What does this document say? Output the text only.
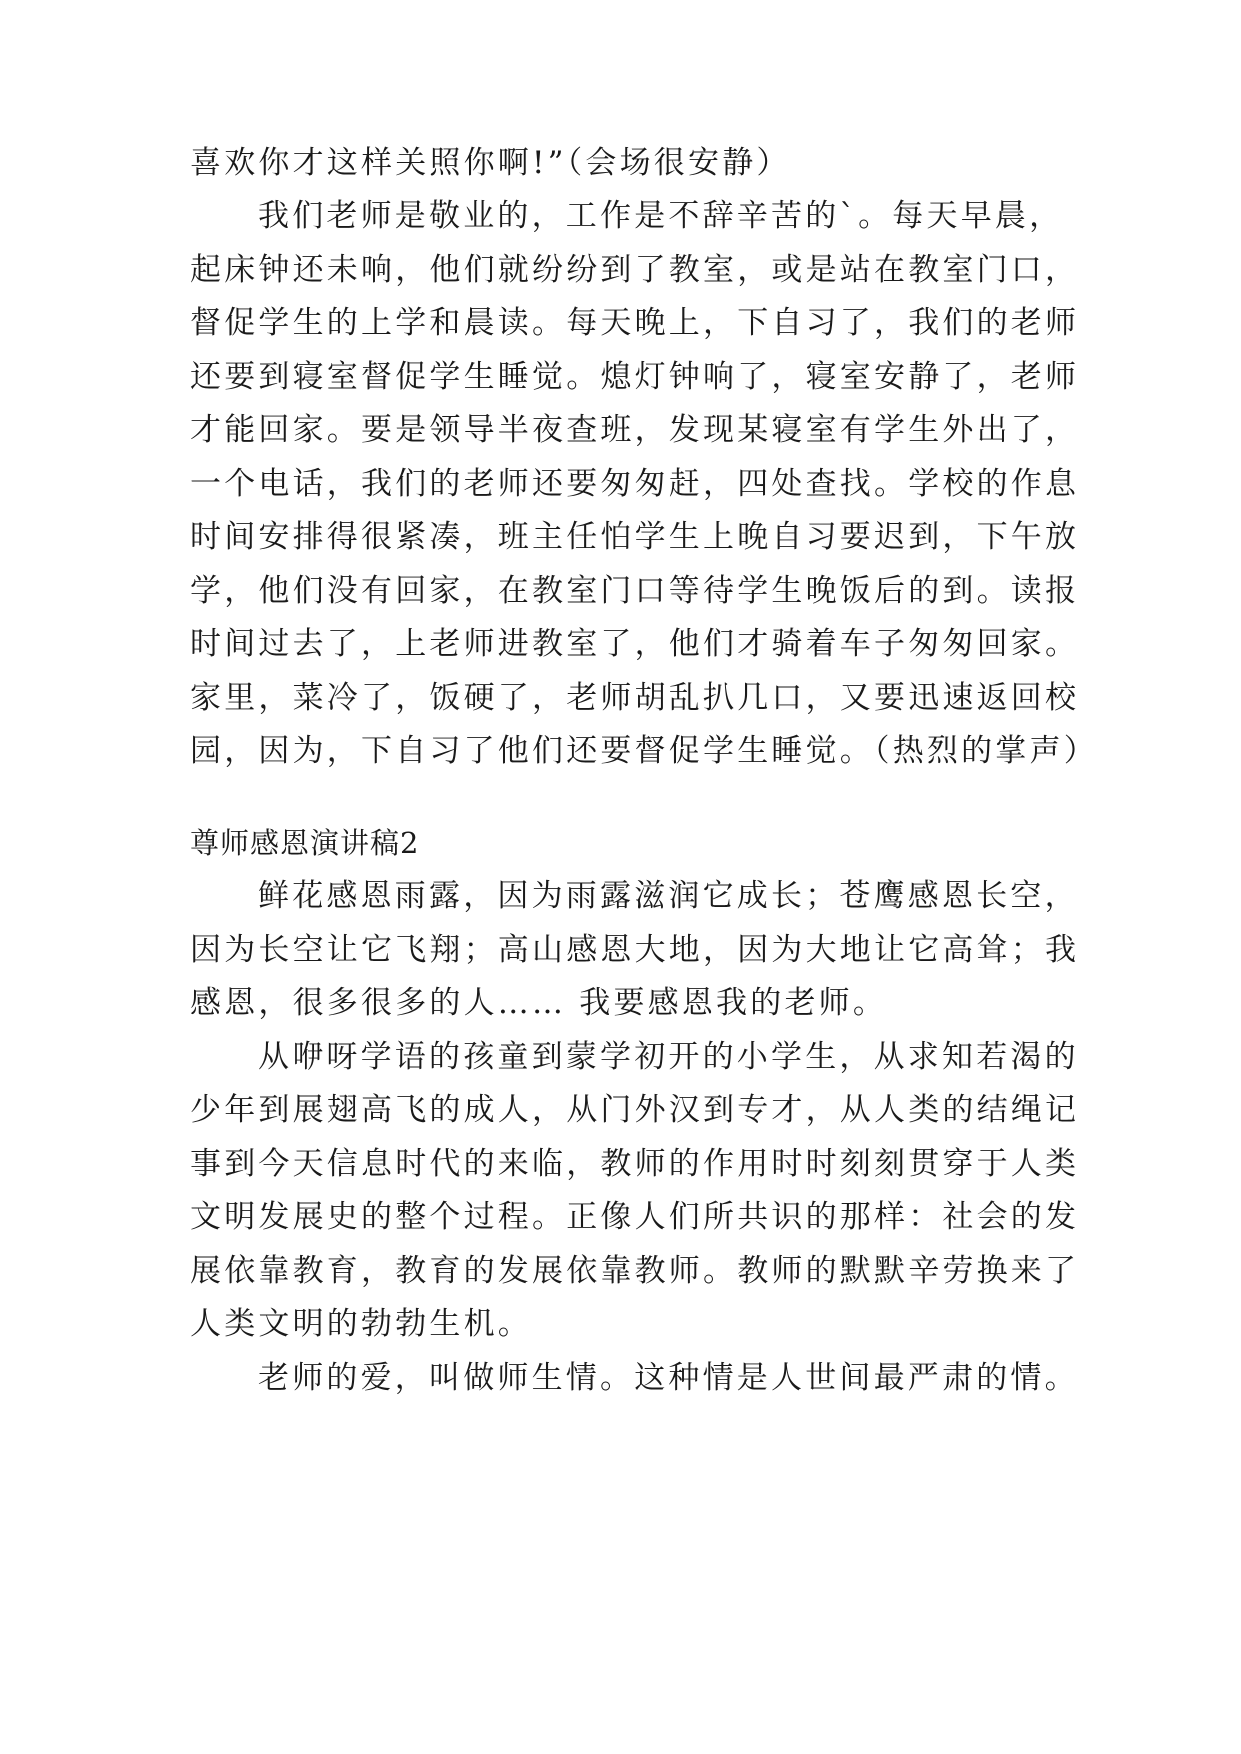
喜欢你才这样关照你啊!”（会场很安静）
我们老师是敬业的，工作是不辞辛苦的`。每天早晨，
起床钟还未响，他们就纷纷到了教室，或是站在教室门口，
督促学生的上学和晨读。每天晚上，下自习了，我们的老师
还要到寝室督促学生睡觉。熄灯钟响了，寝室安静了，老师
才能回家。要是领导半夜查班，发现某寝室有学生外出了，
一个电话，我们的老师还要匆匆赶，四处查找。学校的作息
时间安排得很紧凑，班主任怕学生上晚自习要迟到，下午放
学，他们没有回家，在教室门口等待学生晚饭后的到。读报
时间过去了，上老师进教室了，他们才骑着车子匆匆回家。
家里，菜冷了，饭硬了，老师胡乱扒几口，又要迅速返回校
园，因为，下自习了他们还要督促学生睡觉。（热烈的掌声）
尊师感恩演讲稿2
鲜花感恩雨露，因为雨露滋润它成长；苍鹰感恩长空，
因为长空让它飞翔；高山感恩大地，因为大地让它高耸；我
感恩，很多很多的人…… 我要感恩我的老师。
从咿呀学语的孩童到蒙学初开的小学生，从求知若渴的
少年到展翅高飞的成人，从门外汉到专才，从人类的结绳记
事到今天信息时代的来临，教师的作用时时刻刻贯穿于人类
文明发展史的整个过程。正像人们所共识的那样：社会的发
展依靠教育，教育的发展依靠教师。教师的默默辛劳换来了
人类文明的勃勃生机。
老师的爱，叫做师生情。这种情是人世间最严肃的情。
